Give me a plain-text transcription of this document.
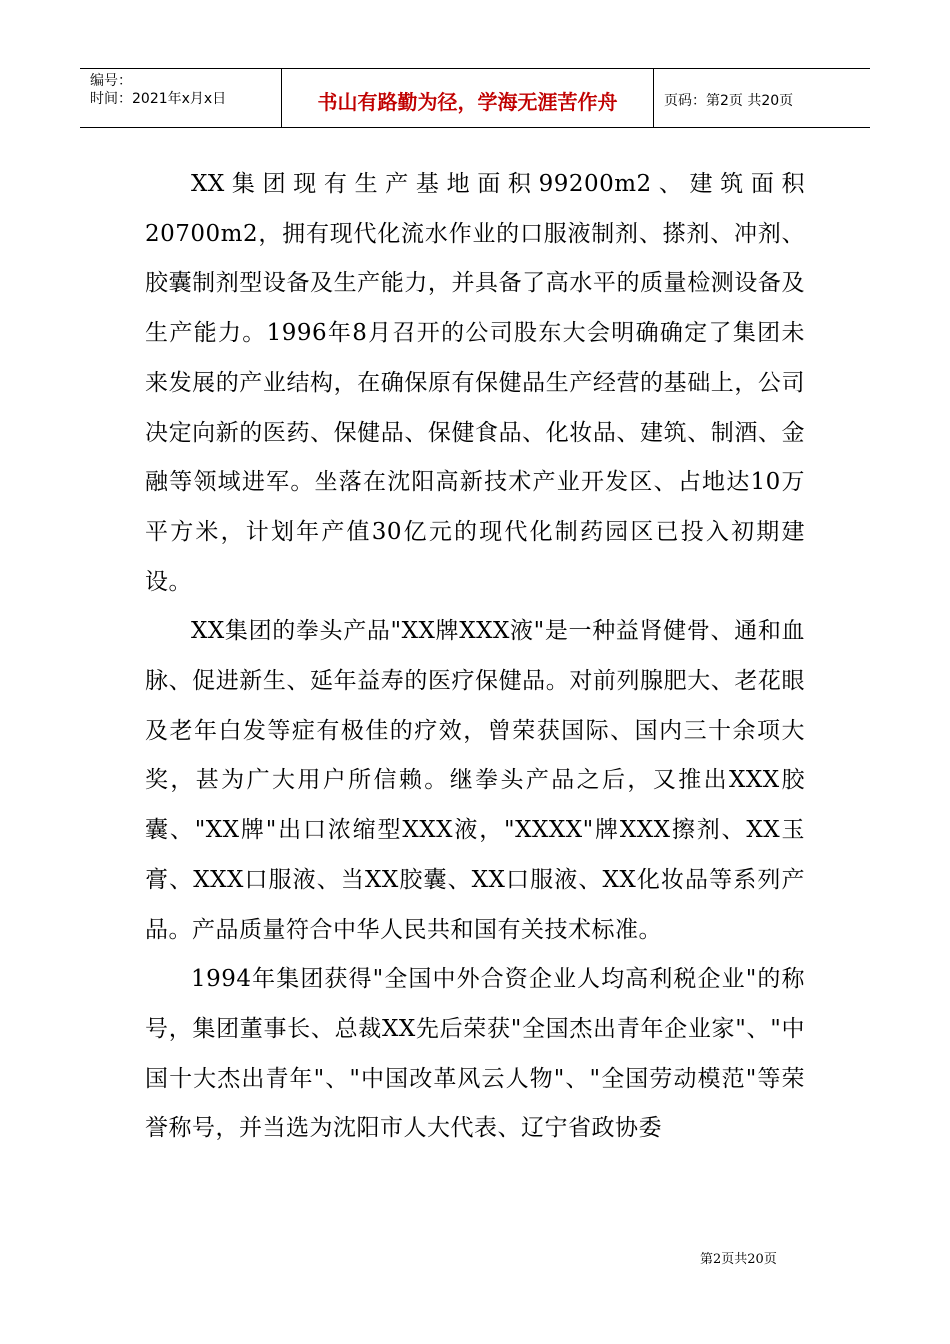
编号：
时间：2021年x月x日	书山有路勤为径，学海无涯苦作舟	页码：第2页 共20页

XX集团现有生产基地面积99200m2、建筑面积20700m2，拥有现代化流水作业的口服液制剂、搽剂、冲剂、胶囊制剂型设备及生产能力，并具备了高水平的质量检测设备及生产能力。1996年8月召开的公司股东大会明确确定了集团未来发展的产业结构，在确保原有保健品生产经营的基础上，公司决定向新的医药、保健品、保健食品、化妆品、建筑、制酒、金融等领域进军。坐落在沈阳高新技术产业开发区、占地达10万平方米，计划年产值30亿元的现代化制药园区已投入初期建设。

XX集团的拳头产品"XX牌XXX液"是一种益肾健骨、通和血脉、促进新生、延年益寿的医疗保健品。对前列腺肥大、老花眼及老年白发等症有极佳的疗效，曾荣获国际、国内三十余项大奖，甚为广大用户所信赖。继拳头产品之后，又推出XXX胶囊、"XX牌"出口浓缩型XXX液，"XXXX"牌XXX擦剂、XX玉膏、XXX口服液、当XX胶囊、XX口服液、XX化妆品等系列产品。产品质量符合中华人民共和国有关技术标准。

1994年集团获得"全国中外合资企业人均高利税企业"的称号，集团董事长、总裁XX先后荣获"全国杰出青年企业家"、"中国十大杰出青年"、"中国改革风云人物"、"全国劳动模范"等荣誉称号，并当选为沈阳市人大代表、辽宁省政协委

第2页共20页
